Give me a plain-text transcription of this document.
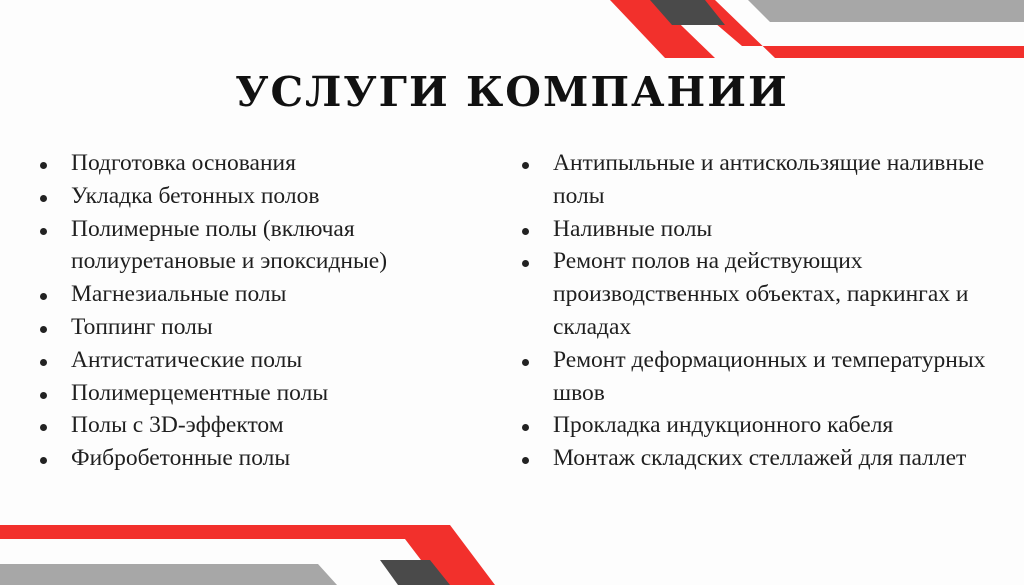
УСЛУГИ КОМПАНИИ
Подготовка основания
Укладка бетонных полов
Полимерные полы (включая полиуретановые и эпоксидные)
Магнезиальные полы
Топпинг полы
Антистатические полы
Полимерцементные полы
Полы с 3D-эффектом
Фибробетонные полы
Антипыльные и антискользящие наливные полы
Наливные полы
Ремонт полов на действующих производственных объектах, паркингах и складах
Ремонт деформационных и температурных швов
Прокладка индукционного кабеля
Монтаж складских стеллажей для паллет
